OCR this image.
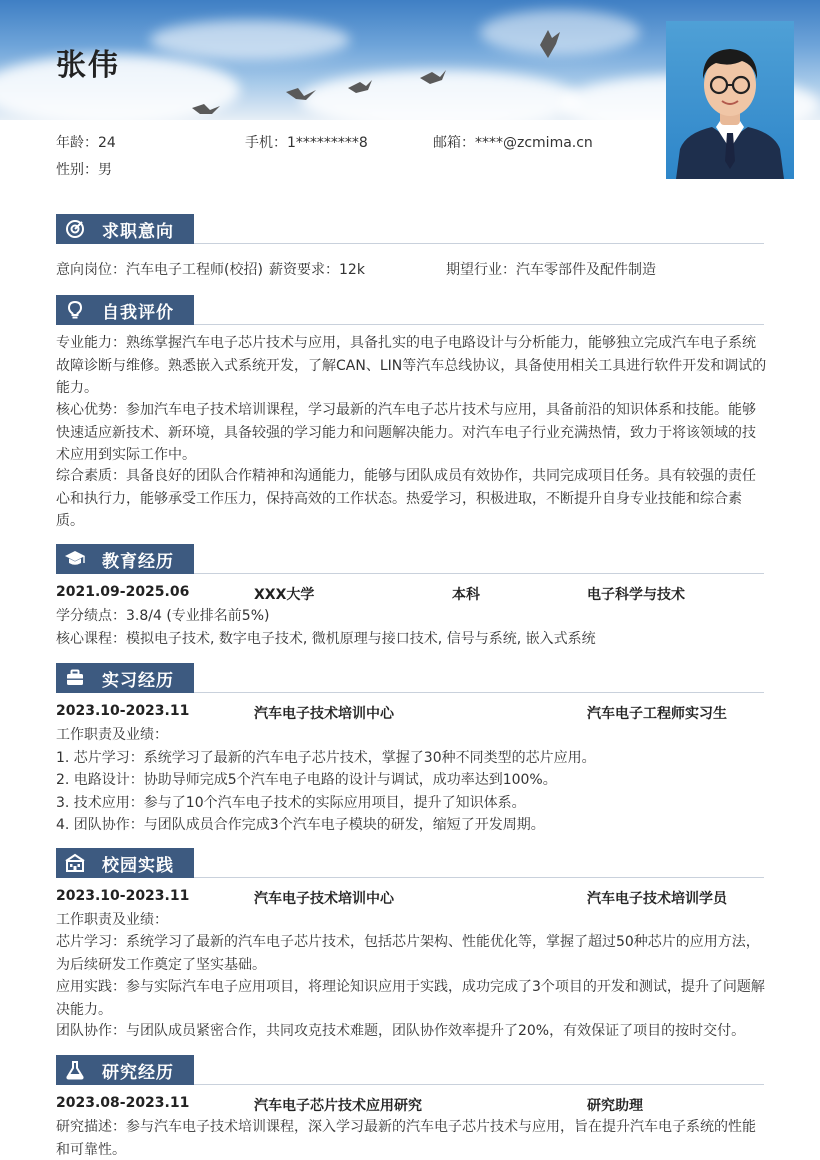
张伟
年龄：24	手机：1*********8	邮箱：****@zcmima.cn
性别：男
求职意向
意向岗位：汽车电子工程师(校招) 薪资要求：12k	期望行业：汽车零部件及配件制造
自我评价
专业能力：熟练掌握汽车电子芯片技术与应用，具备扎实的电子电路设计与分析能力，能够独立完成汽车电子系统故障诊断与维修。熟悉嵌入式系统开发，了解CAN、LIN等汽车总线协议，具备使用相关工具进行软件开发和调试的能力。
核心优势：参加汽车电子技术培训课程，学习最新的汽车电子芯片技术与应用，具备前沿的知识体系和技能。能够快速适应新技术、新环境，具备较强的学习能力和问题解决能力。对汽车电子行业充满热情，致力于将该领域的技术应用到实际工作中。
综合素质：具备良好的团队合作精神和沟通能力，能够与团队成员有效协作，共同完成项目任务。具有较强的责任心和执行力，能够承受工作压力，保持高效的工作状态。热爱学习，积极进取，不断提升自身专业技能和综合素质。
教育经历
2021.09-2025.06	XXX大学	本科	电子科学与技术
学分绩点：3.8/4 (专业排名前5%)
核心课程：模拟电子技术, 数字电子技术, 微机原理与接口技术, 信号与系统, 嵌入式系统
实习经历
2023.10-2023.11	汽车电子技术培训中心	汽车电子工程师实习生
工作职责及业绩：
1. 芯片学习：系统学习了最新的汽车电子芯片技术，掌握了30种不同类型的芯片应用。
2. 电路设计：协助导师完成5个汽车电子电路的设计与调试，成功率达到100%。
3. 技术应用：参与了10个汽车电子技术的实际应用项目，提升了知识体系。
4. 团队协作：与团队成员合作完成3个汽车电子模块的研发，缩短了开发周期。
校园实践
2023.10-2023.11	汽车电子技术培训中心	汽车电子技术培训学员
工作职责及业绩：
芯片学习：系统学习了最新的汽车电子芯片技术，包括芯片架构、性能优化等，掌握了超过50种芯片的应用方法，为后续研发工作奠定了坚实基础。
应用实践：参与实际汽车电子应用项目，将理论知识应用于实践，成功完成了3个项目的开发和测试，提升了问题解决能力。
团队协作：与团队成员紧密合作，共同攻克技术难题，团队协作效率提升了20%，有效保证了项目的按时交付。
研究经历
2023.08-2023.11	汽车电子芯片技术应用研究	研究助理
研究描述：参与汽车电子技术培训课程，深入学习最新的汽车电子芯片技术与应用，旨在提升汽车电子系统的性能和可靠性。
